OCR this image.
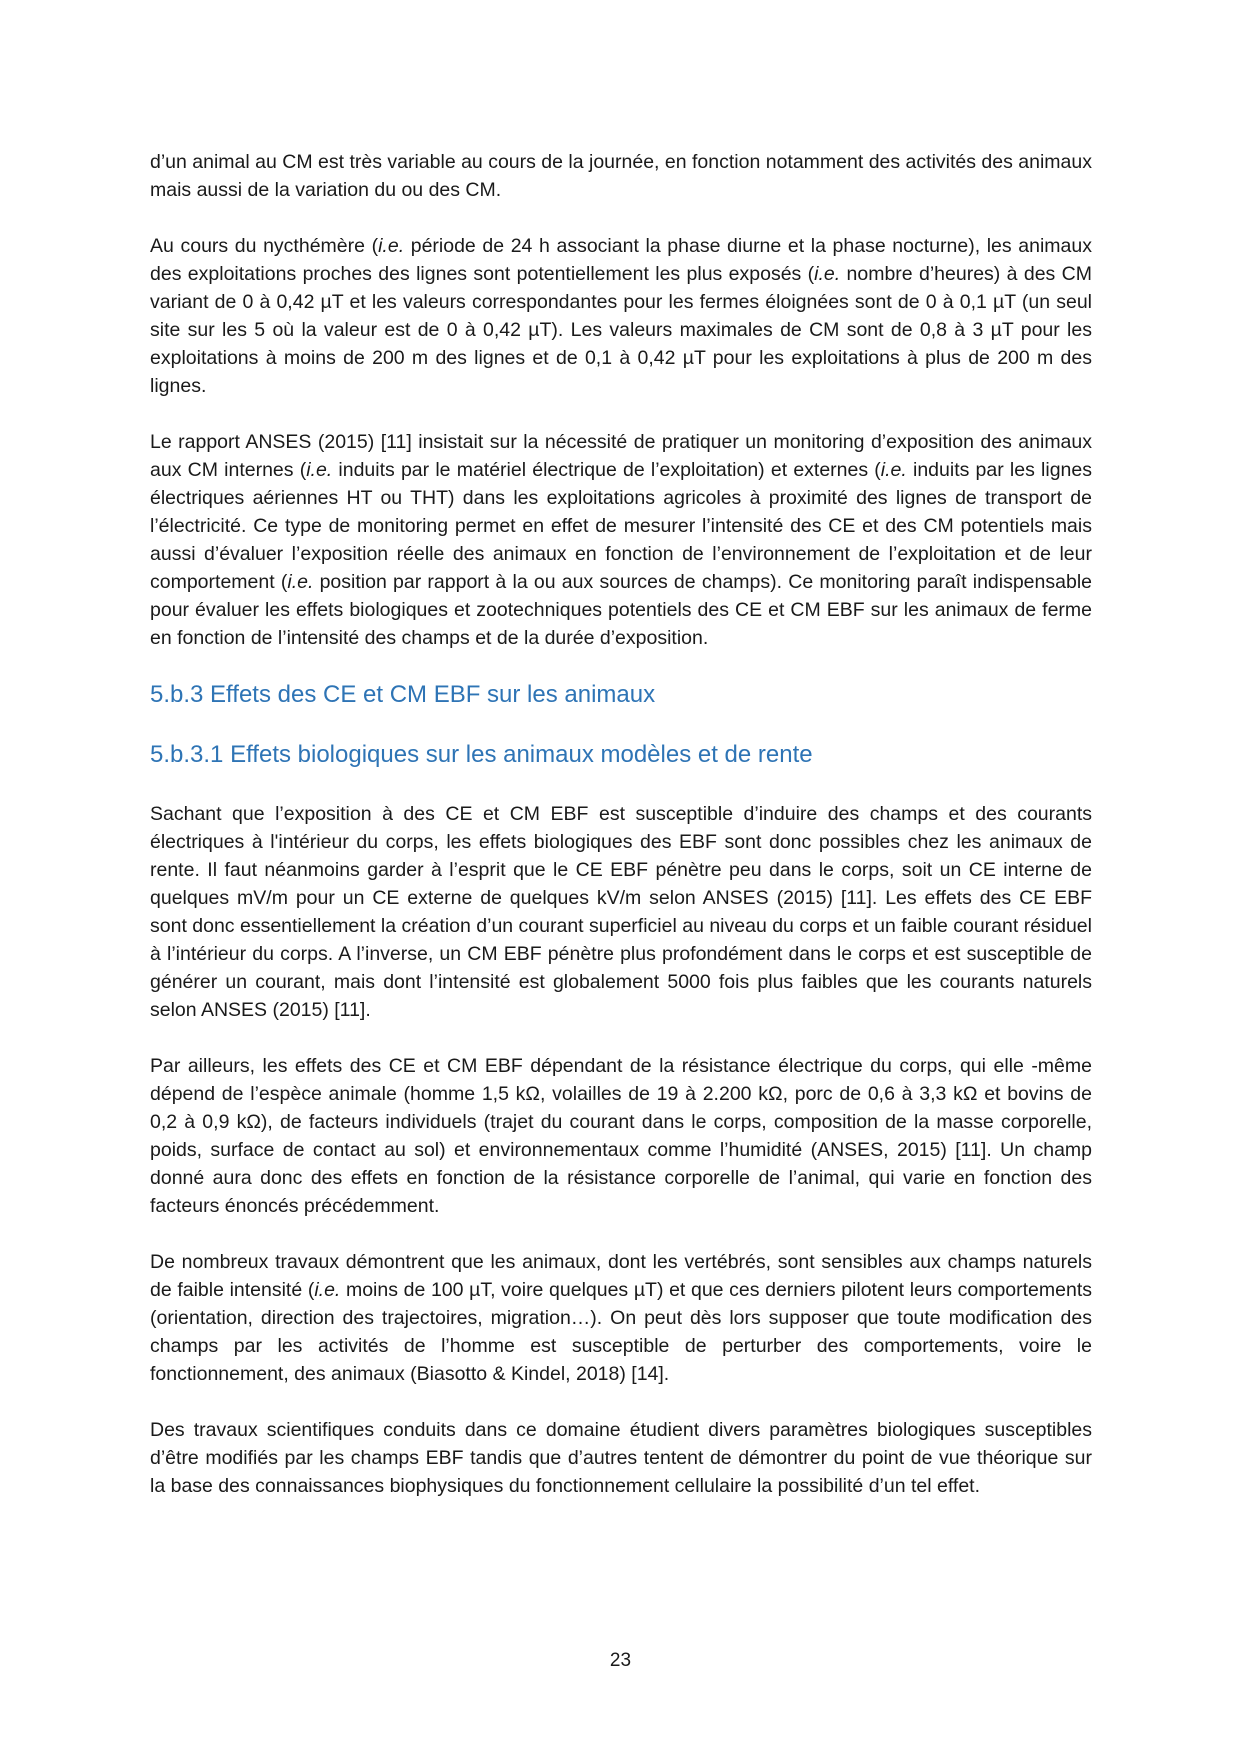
d’un animal au CM est très variable au cours de la journée, en fonction notamment des activités des animaux mais aussi de la variation du ou des CM.

Au cours du nycthémère (i.e. période de 24 h associant la phase diurne et la phase nocturne), les animaux des exploitations proches des lignes sont potentiellement les plus exposés (i.e. nombre d’heures) à des CM variant de 0 à 0,42 µT et les valeurs correspondantes pour les fermes éloignées sont de 0 à 0,1 µT (un seul site sur les 5 où la valeur est de 0 à 0,42 µT). Les valeurs maximales de CM sont de 0,8 à 3 µT pour les exploitations à moins de 200 m des lignes et de 0,1 à 0,42 µT pour les exploitations à plus de 200 m des lignes.

Le rapport ANSES (2015) [11] insistait sur la nécessité de pratiquer un monitoring d’exposition des animaux aux CM internes (i.e. induits par le matériel électrique de l’exploitation) et externes (i.e. induits par les lignes électriques aériennes HT ou THT) dans les exploitations agricoles à proximité des lignes de transport de l’électricité. Ce type de monitoring permet en effet de mesurer l’intensité des CE et des CM potentiels mais aussi d’évaluer l’exposition réelle des animaux en fonction de l’environnement de l’exploitation et de leur comportement (i.e. position par rapport à la ou aux sources de champs). Ce monitoring paraît indispensable pour évaluer les effets biologiques et zootechniques potentiels des CE et CM EBF sur les animaux de ferme en fonction de l’intensité des champs et de la durée d’exposition.

5.b.3 Effets des CE et CM EBF sur les animaux
5.b.3.1 Effets biologiques sur les animaux modèles et de rente

Sachant que l’exposition à des CE et CM EBF est susceptible d’induire des champs et des courants électriques à l'intérieur du corps, les effets biologiques des EBF sont donc possibles chez les animaux de rente. Il faut néanmoins garder à l’esprit que le CE EBF pénètre peu dans le corps, soit un CE interne de quelques mV/m pour un CE externe de quelques kV/m selon ANSES (2015) [11]. Les effets des CE EBF sont donc essentiellement la création d’un courant superficiel au niveau du corps et un faible courant résiduel à l’intérieur du corps. A l’inverse, un CM EBF pénètre plus profondément dans le corps et est susceptible de générer un courant, mais dont l’intensité est globalement 5000 fois plus faibles que les courants naturels selon ANSES (2015) [11].

Par ailleurs, les effets des CE et CM EBF dépendant de la résistance électrique du corps, qui elle -même dépend de l’espèce animale (homme 1,5 kΩ, volailles de 19 à 2.200 kΩ, porc de 0,6 à 3,3 kΩ et bovins de 0,2 à 0,9 kΩ), de facteurs individuels (trajet du courant dans le corps, composition de la masse corporelle, poids, surface de contact au sol) et environnementaux comme l’humidité (ANSES, 2015) [11]. Un champ donné aura donc des effets en fonction de la résistance corporelle de l’animal, qui varie en fonction des facteurs énoncés précédemment.

De nombreux travaux démontrent que les animaux, dont les vertébrés, sont sensibles aux champs naturels de faible intensité (i.e. moins de 100 µT, voire quelques µT) et que ces derniers pilotent leurs comportements (orientation, direction des trajectoires, migration…). On peut dès lors supposer que toute modification des champs par les activités de l’homme est susceptible de perturber des comportements, voire le fonctionnement, des animaux (Biasotto & Kindel, 2018) [14].

Des travaux scientifiques conduits dans ce domaine étudient divers paramètres biologiques susceptibles d’être modifiés par les champs EBF tandis que d’autres tentent de démontrer du point de vue théorique sur la base des connaissances biophysiques du fonctionnement cellulaire la possibilité d’un tel effet.

23
